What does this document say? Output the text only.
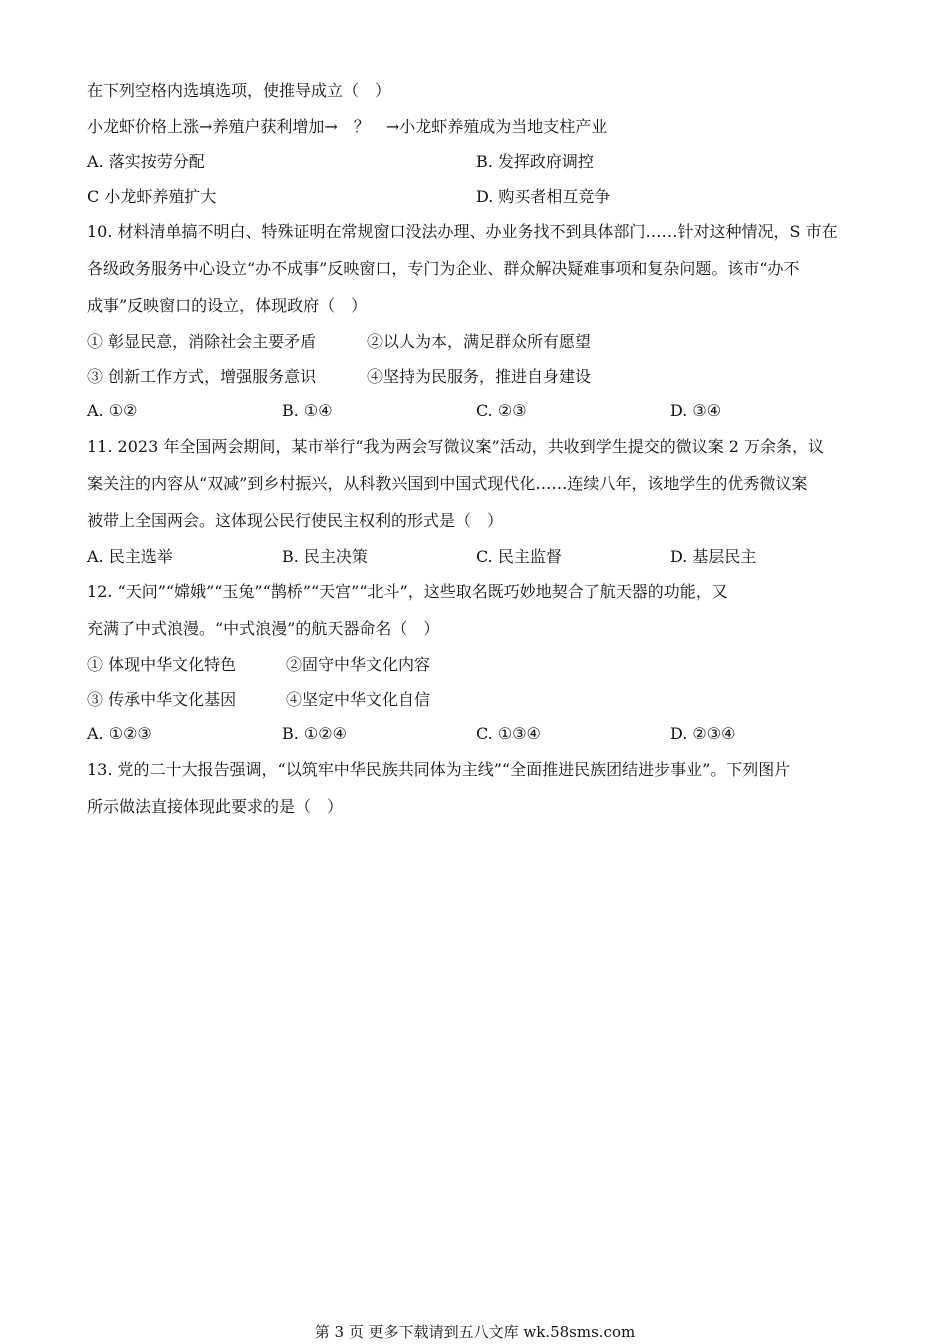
在下列空格内选填选项，使推导成立（　）
小龙虾价格上涨→养殖户获利增加→　？　→小龙虾养殖成为当地支柱产业
A. 落实按劳分配	B. 发挥政府调控
C 小龙虾养殖扩大	D. 购买者相互竞争
10. 材料清单搞不明白、特殊证明在常规窗口没法办理、办业务找不到具体部门……针对这种情况，S 市在
各级政务服务中心设立“办不成事”反映窗口，专门为企业、群众解决疑难事项和复杂问题。该市“办不
成事”反映窗口的设立，体现政府（　）
① 彰显民意，消除社会主要矛盾	②以人为本，满足群众所有愿望
③ 创新工作方式，增强服务意识	④坚持为民服务，推进自身建设
A. ①②	B. ①④	C. ②③	D. ③④
11. 2023 年全国两会期间，某市举行“我为两会写微议案”活动，共收到学生提交的微议案 2 万余条，议
案关注的内容从“双减”到乡村振兴，从科教兴国到中国式现代化……连续八年，该地学生的优秀微议案
被带上全国两会。这体现公民行使民主权利的形式是（　）
A. 民主选举	B. 民主决策	C. 民主监督	D. 基层民主
12. “天问”“嫦娥”“玉兔”“鹊桥”“天宫”“北斗”，这些取名既巧妙地契合了航天器的功能，又
充满了中式浪漫。“中式浪漫”的航天器命名（　）
① 体现中华文化特色	②固守中华文化内容
③ 传承中华文化基因	④坚定中华文化自信
A. ①②③	B. ①②④	C. ①③④	D. ②③④
13. 党的二十大报告强调，“以筑牢中华民族共同体为主线”“全面推进民族团结进步事业”。下列图片
所示做法直接体现此要求的是（　）
第 3 页 更多下载请到五八文库 wk.58sms.com
